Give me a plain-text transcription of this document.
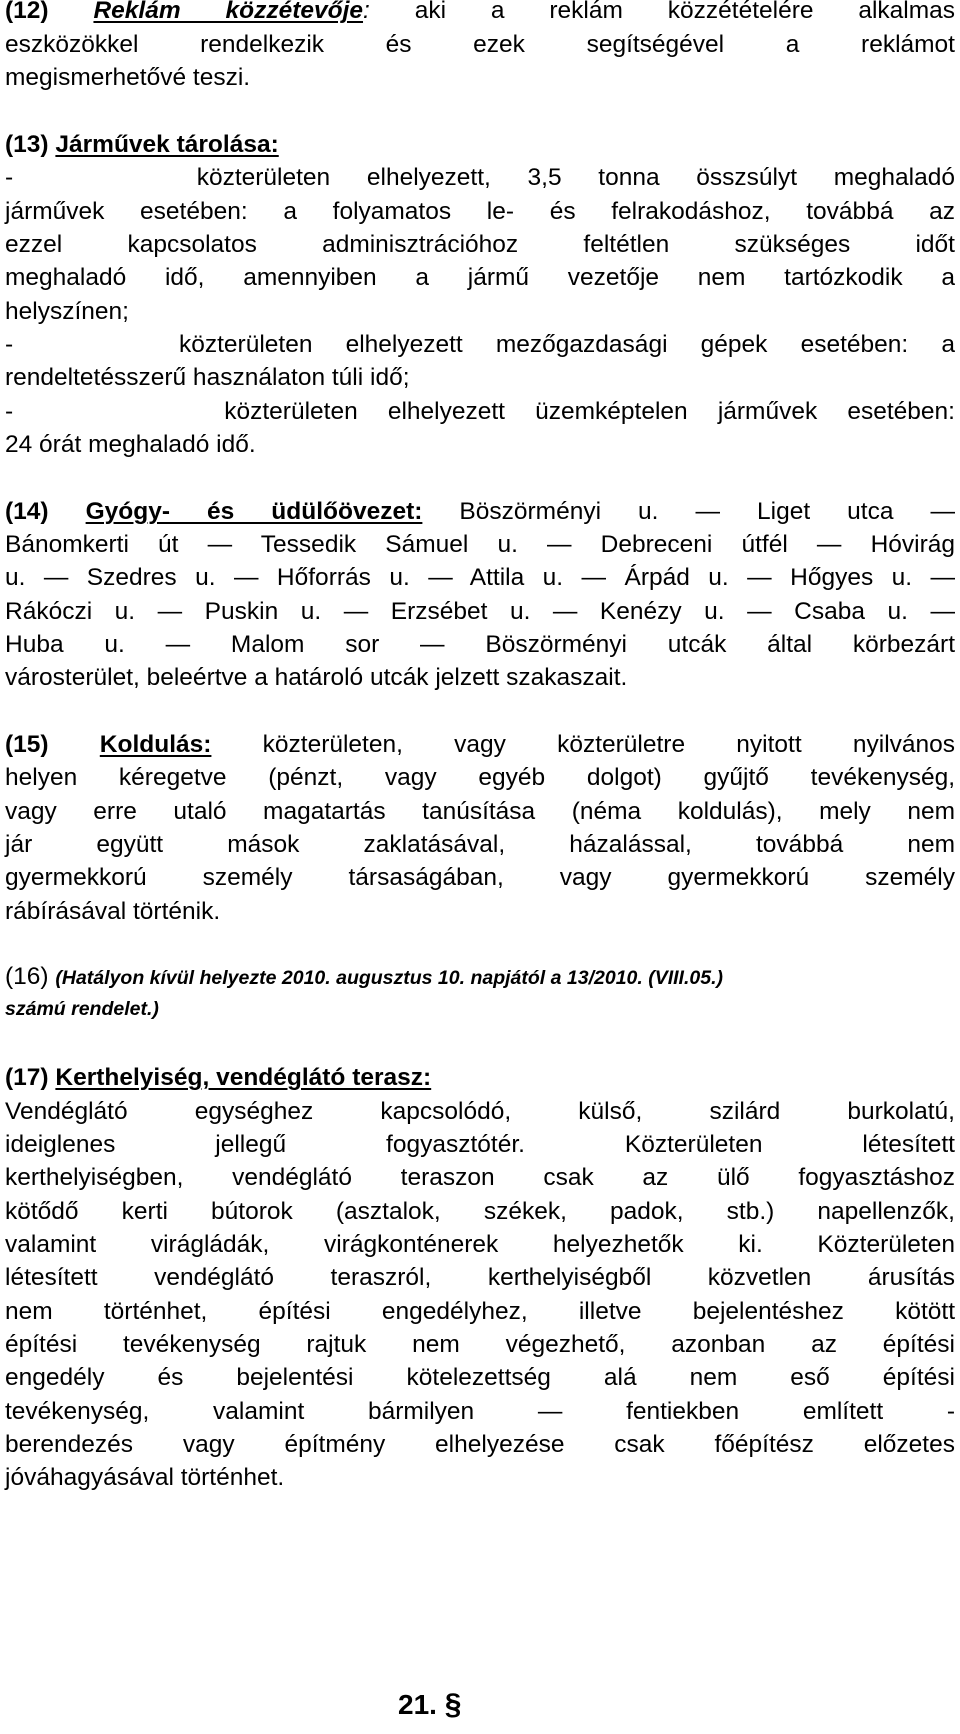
(12) Reklám közzétevője: aki a reklám közzétételére alkalmas
eszközökkel rendelkezik és ezek segítségével a reklámot
megismerhetővé teszi.
(13) Járművek tárolása:
-     közterületen elhelyezett, 3,5 tonna összsúlyt meghaladó
járművek esetében: a folyamatos le- és felrakodáshoz, továbbá az
ezzel kapcsolatos adminisztrációhoz feltétlen szükséges időt
meghaladó idő, amennyiben a jármű vezetője nem tartózkodik a
helyszínen;
-     közterületen elhelyezett mezőgazdasági gépek esetében: a
rendeltetésszerű használaton túli idő;
-       közterületen elhelyezett üzemképtelen járművek esetében:
24 órát meghaladó idő.
(14) Gyógy- és üdülőövezet: Böszörményi u. — Liget utca —
Bánomkerti út — Tessedik Sámuel u. — Debreceni útfél — Hóvirág
u. — Szedres u. — Hőforrás u. — Attila u. — Árpád u. — Hőgyes u. —
Rákóczi u. — Puskin u. — Erzsébet u. — Kenézy u. — Csaba u. —
Huba u. — Malom sor — Böszörményi utcák által körbezárt
városterület, beleértve a határoló utcák jelzett szakaszait.
(15) Koldulás: közterületen, vagy közterületre nyitott nyilvános
helyen kéregetve (pénzt, vagy egyéb dolgot) gyűjtő tevékenység,
vagy erre utaló magatartás tanúsítása (néma koldulás), mely nem
jár együtt mások zaklatásával, házalással, továbbá nem
gyermekkorú személy társaságában, vagy gyermekkorú személy
rábírásával történik.
(16) (Hatályon kívül helyezte 2010. augusztus 10. napjától a 13/2010. (VIII.05.)
számú rendelet.)
(17) Kerthelyiség, vendéglátó terasz:
Vendéglátó egységhez kapcsolódó, külső, szilárd burkolatú,
ideiglenes jellegű fogyasztótér. Közterületen létesített
kerthelyiségben, vendéglátó teraszon csak az ülő fogyasztáshoz
kötődő kerti bútorok (asztalok, székek, padok, stb.) napellenzők,
valamint virágládák, virágkonténerek helyezhetők ki. Közterületen
létesített vendéglátó teraszról, kerthelyiségből közvetlen árusítás
nem történhet, építési engedélyhez, illetve bejelentéshez kötött
építési tevékenység rajtuk nem végezhető, azonban az építési
engedély és bejelentési kötelezettség alá nem eső építési
tevékenység, valamint bármilyen — fentiekben említett -
berendezés vagy építmény elhelyezése csak főépítész előzetes
jóváhagyásával történhet.
21. §
